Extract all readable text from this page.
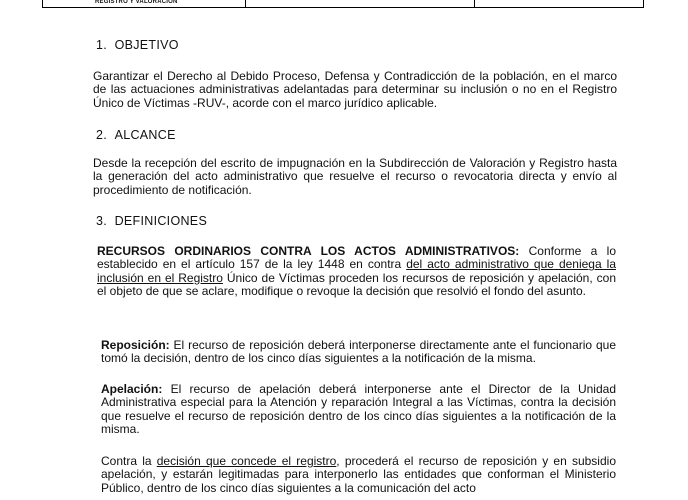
REGISTRO Y VALORACIÓN
1. OBJETIVO

Garantizar el Derecho al Debido Proceso, Defensa y Contradicción de la población, en el marco de las actuaciones administrativas adelantadas para determinar su inclusión o no en el Registro Único de Víctimas -RUV-, acorde con el marco jurídico aplicable.

2. ALCANCE

Desde la recepción del escrito de impugnación en la Subdirección de Valoración y Registro hasta la generación del acto administrativo que resuelve el recurso o revocatoria directa y envío al procedimiento de notificación.

3. DEFINICIONES

RECURSOS ORDINARIOS CONTRA LOS ACTOS ADMINISTRATIVOS: Conforme a lo establecido en el artículo 157 de la ley 1448 en contra del acto administrativo que deniega la inclusión en el Registro Único de Víctimas proceden los recursos de reposición y apelación, con el objeto de que se aclare, modifique o revoque la decisión que resolvió el fondo del asunto.

Reposición: El recurso de reposición deberá interponerse directamente ante el funcionario que tomó la decisión, dentro de los cinco días siguientes a la notificación de la misma.

Apelación: El recurso de apelación deberá interponerse ante el Director de la Unidad Administrativa especial para la Atención y reparación Integral a las Víctimas, contra la decisión que resuelve el recurso de reposición dentro de los cinco días siguientes a la notificación de la misma.

Contra la decisión que concede el registro, procederá el recurso de reposición y en subsidio apelación, y estarán legitimadas para interponerlo las entidades que conforman el Ministerio Público, dentro de los cinco días siguientes a la comunicación del acto
